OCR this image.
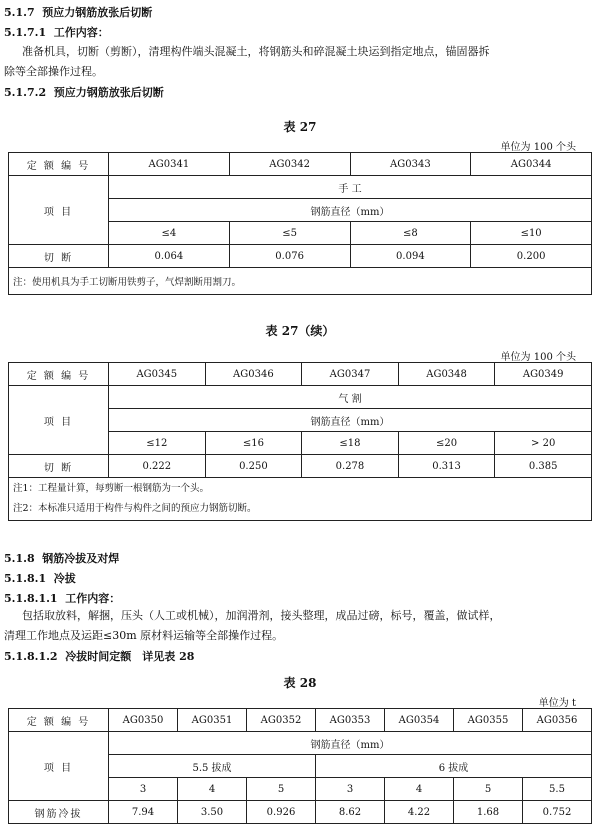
5.1.7 预应力钢筋放张后切断
5.1.7.1 工作内容：
准备机具，切断（剪断），清理构件端头混凝土，将钢筋头和碎混凝土块运到指定地点，锚固器拆
除等全部操作过程。
5.1.7.2 预应力钢筋放张后切断
表 27
单位为 100 个头
定 额 编 号	AG0341	AG0342	AG0343	AG0344
项 目	手 工			
	钢筋直径（mm）			
	≤4	≤5	≤8	≤10
切 断	0.064	0.076	0.094	0.200
注：使用机具为手工切断用铁剪子，气焊割断用割刀。				
表 27（续）
单位为 100 个头
定 额 编 号	AG0345	AG0346	AG0347	AG0348	AG0349
项 目	气 割				
	钢筋直径（mm）				
	≤12	≤16	≤18	≤20	> 20
切 断	0.222	0.250	0.278	0.313	0.385

注1：工程量计算，每剪断一根钢筋为一个头。
注2：本标准只适用于构件与构件之间的预应力钢筋切断。					
5.1.8 钢筋冷拔及对焊
5.1.8.1 冷拔
5.1.8.1.1 工作内容：
包括取放料，解捆，压头（人工或机械），加润滑剂，接头整理，成品过磅，标号，覆盖，做试样，
清理工作地点及运距≤30m 原材料运输等全部操作过程。
5.1.8.1.2 冷拔时间定额　详见表 28
表 28
单位为 t
定 额 编 号	AG0350	AG0351	AG0352	AG0353	AG0354	AG0355	AG0356
项 目	钢筋直径（mm）						
	5.5 拔成			6 拔成			
	3	4	5	3	4	5	5.5
钢筋冷拔	7.94	3.50	0.926	8.62	4.22	1.68	0.752
